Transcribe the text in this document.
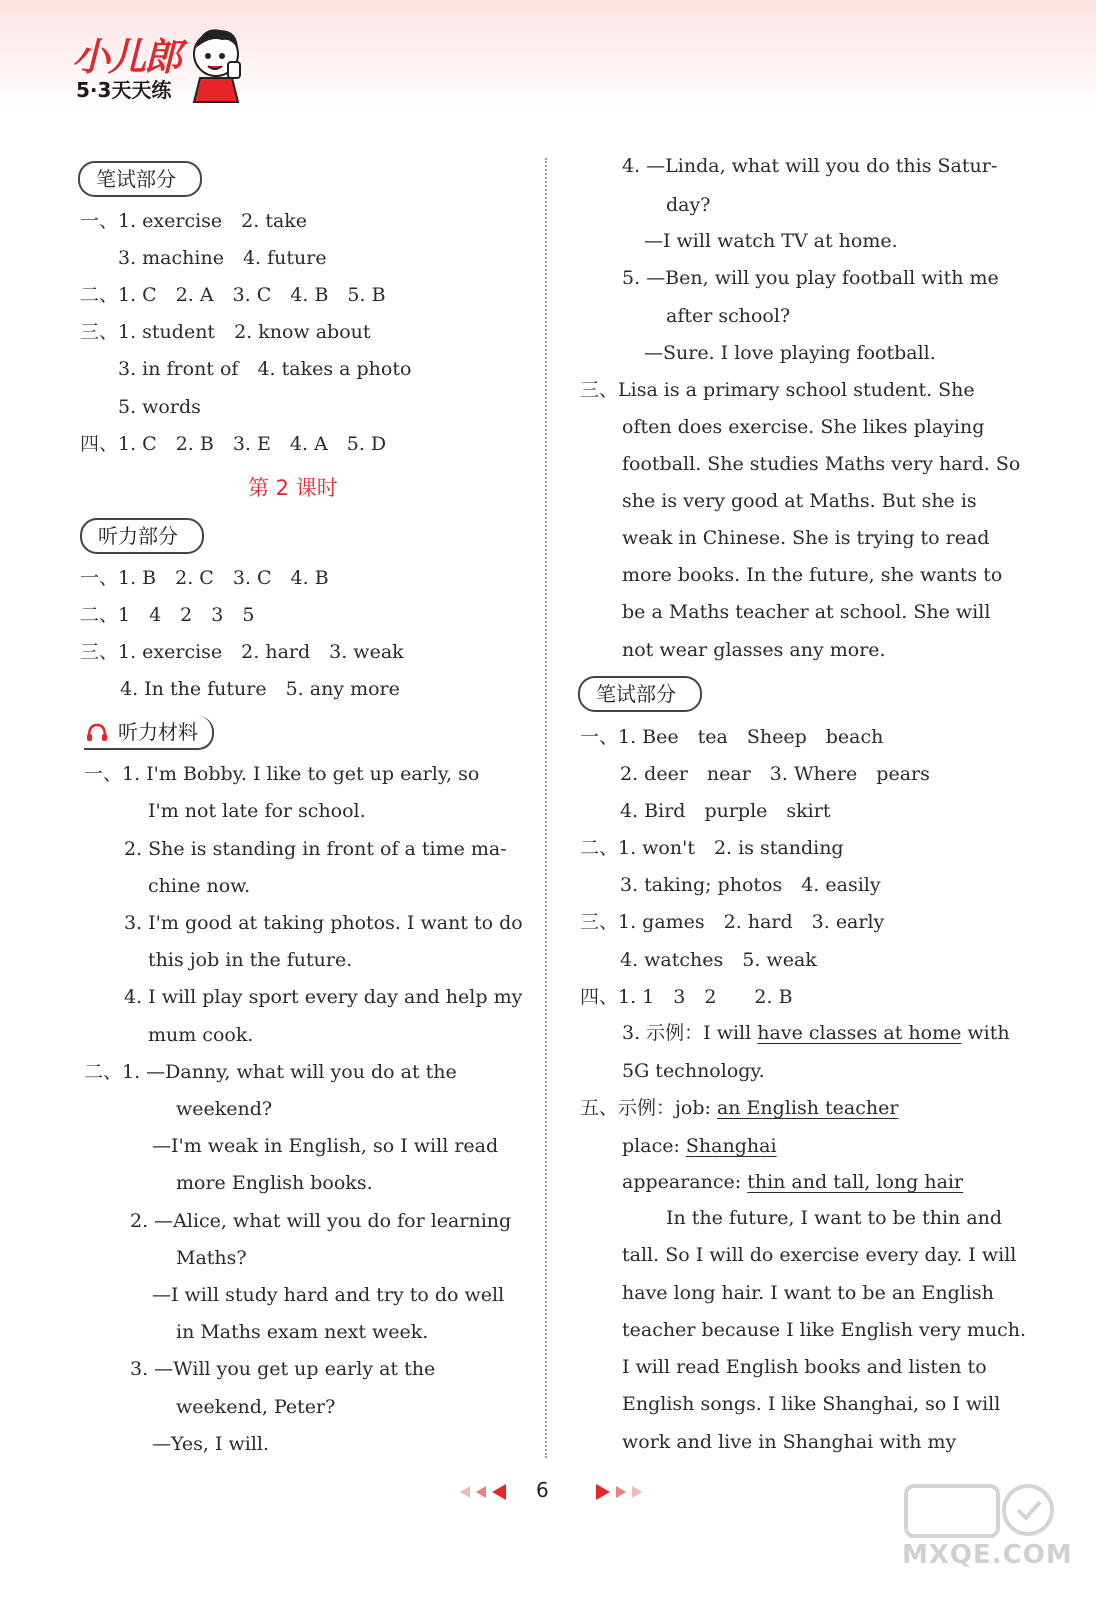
小儿郎
5·3天天练
笔试部分
一、1. exercise　2. take
3. machine　4. future
二、1. C　2. A　3. C　4. B　5. B
三、1. student　2. know about
3. in front of　4. takes a photo
5. words
四、1. C　2. B　3. E　4. A　5. D
第 2 课时
听力部分
一、1. B　2. C　3. C　4. B
二、1　4　2　3　5
三、1. exercise　2. hard　3. weak
4. In the future　5. any more
听力材料
一、1. I'm Bobby. I like to get up early, so
I'm not late for school.
2. She is standing in front of a time ma-
chine now.
3. I'm good at taking photos. I want to do
this job in the future.
4. I will play sport every day and help my
mum cook.
二、1. —Danny, what will you do at the
weekend?
—I'm weak in English, so I will read
more English books.
2. —Alice, what will you do for learning
Maths?
—I will study hard and try to do well
in Maths exam next week.
3. —Will you get up early at the
weekend, Peter?
—Yes, I will.
4. —Linda, what will you do this Satur-
day?
—I will watch TV at home.
5. —Ben, will you play football with me
after school?
—Sure. I love playing football.
三、Lisa is a primary school student. She
often does exercise. She likes playing
football. She studies Maths very hard. So
she is very good at Maths. But she is
weak in Chinese. She is trying to read
more books. In the future, she wants to
be a Maths teacher at school. She will
not wear glasses any more.
笔试部分
一、1. Bee　tea　Sheep　beach
2. deer　near　3. Where　pears
4. Bird　purple　skirt
二、1. won't　2. is standing
3. taking; photos　4. easily
三、1. games　2. hard　3. early
4. watches　5. weak
四、1. 1　3　2　　2. B
3. 示例：I will have classes at home with
5G technology.
五、示例：job: an English teacher
place: Shanghai
appearance: thin and tall, long hair
In the future, I want to be thin and
tall. So I will do exercise every day. I will
have long hair. I want to be an English
teacher because I like English very much.
I will read English books and listen to
English songs. I like Shanghai, so I will
work and live in Shanghai with my
6
MXQE.COM
